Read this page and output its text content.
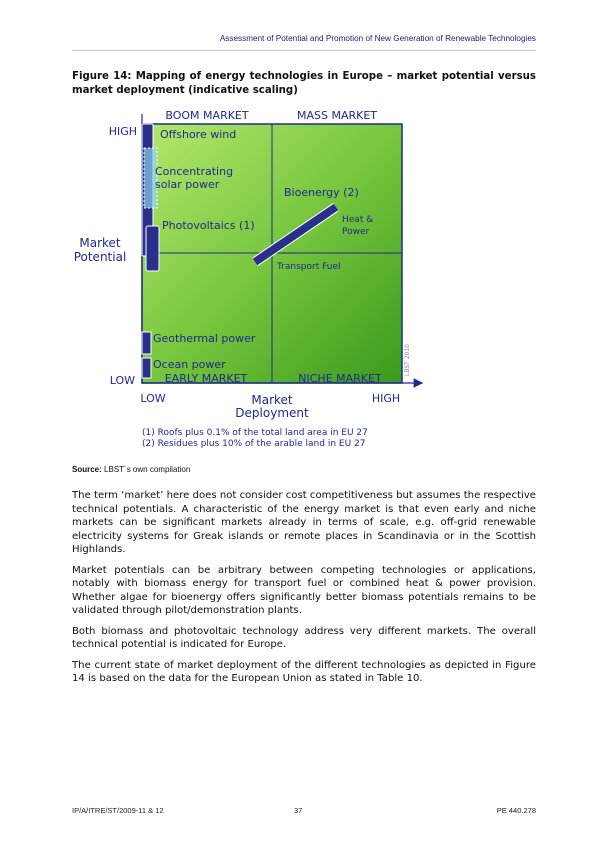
Assessment of Potential and Promotion of New Generation of Renewable Technologies
Figure 14: Mapping of energy technologies in Europe – market potential versus market deployment (indicative scaling)
BOOM MARKET	MASS MARKET
EARLY MARKET	NICHE MARKET
HIGH
LOW
Market
Potential
LOW	HIGH
Market
Deployment
Offshore wind
Concentrating
solar power
Photovoltaics (1)
Bioenergy (2)
Heat &
Power
Transport Fuel
Geothermal power
Ocean power	LBST 2010
(1) Roofs plus 0.1% of the total land area in EU 27
(2) Residues plus 10% of the arable land in EU 27
Source: LBST´s own compilation

The term ‘market’ here does not consider cost competitiveness but assumes the respective technical potentials. A characteristic of the energy market is that even early and niche markets can be significant markets already in terms of scale, e.g. off-grid renewable electricity systems for Greak islands or remote places in Scandinavia or in the Scottish Highlands.

Market potentials can be arbitrary between competing technologies or applications, notably with biomass energy for transport fuel or combined heat & power provision. Whether algae for bioenergy offers significantly better biomass potentials remains to be validated through pilot/demonstration plants.

Both biomass and photovoltaic technology address very different markets. The overall technical potential is indicated for Europe.

The current state of market deployment of the different technologies as depicted in Figure 14 is based on the data for the European Union as stated in Table 10.

IP/A/ITRE/ST/2009-11 & 12	37	PE 440.278
